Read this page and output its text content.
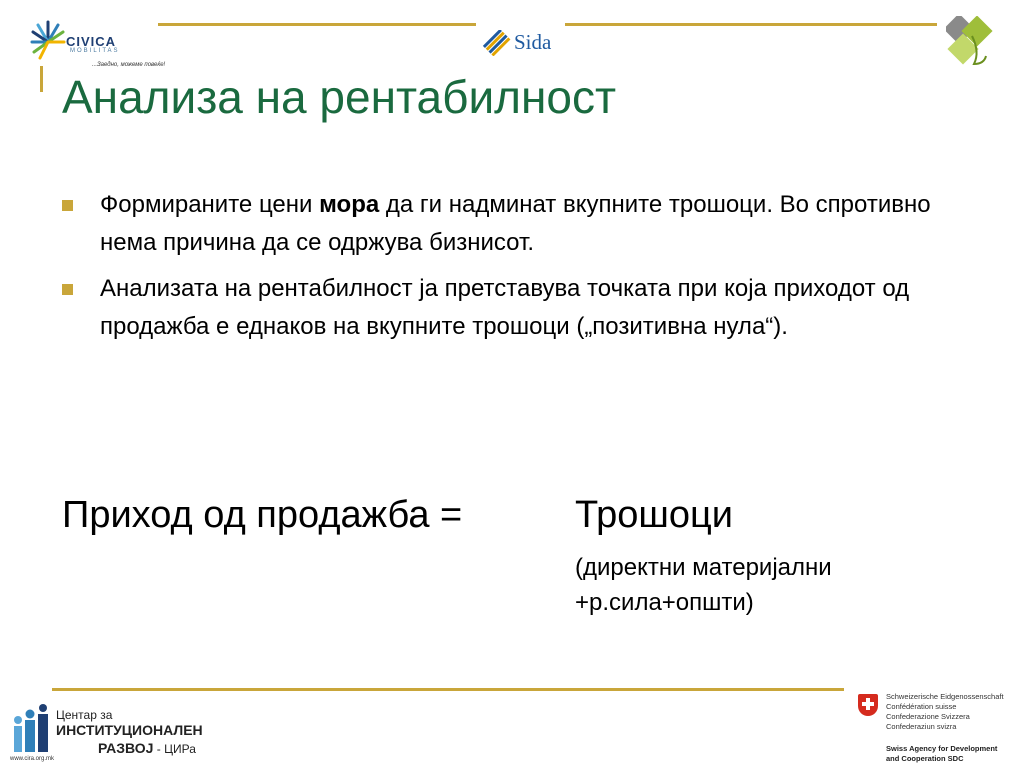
CIVICA
MOBILITAS
...Заедно, можеме повеќе!
Sida
Анализа на рентабилност
Формираните цени мора да ги надминат вкупните трошоци. Во спротивно нема причина да се одржува бизнисот.
Анализата на рентабилност ја претставува точката при која приходот од продажба е еднаков на вкупните трошоци („позитивна нула“).
Приход од продажба =	Трошоци
(директни материјални +р.сила+општи)
Центар за
ИНСТИТУЦИОНАЛЕН
РАЗВОЈ - ЦИРа
www.cira.org.mk
Schweizerische Eidgenossenschaft
Confédération suisse
Confederazione Svizzera
Confederaziun svizra
Swiss Agency for Development
and Cooperation SDC
